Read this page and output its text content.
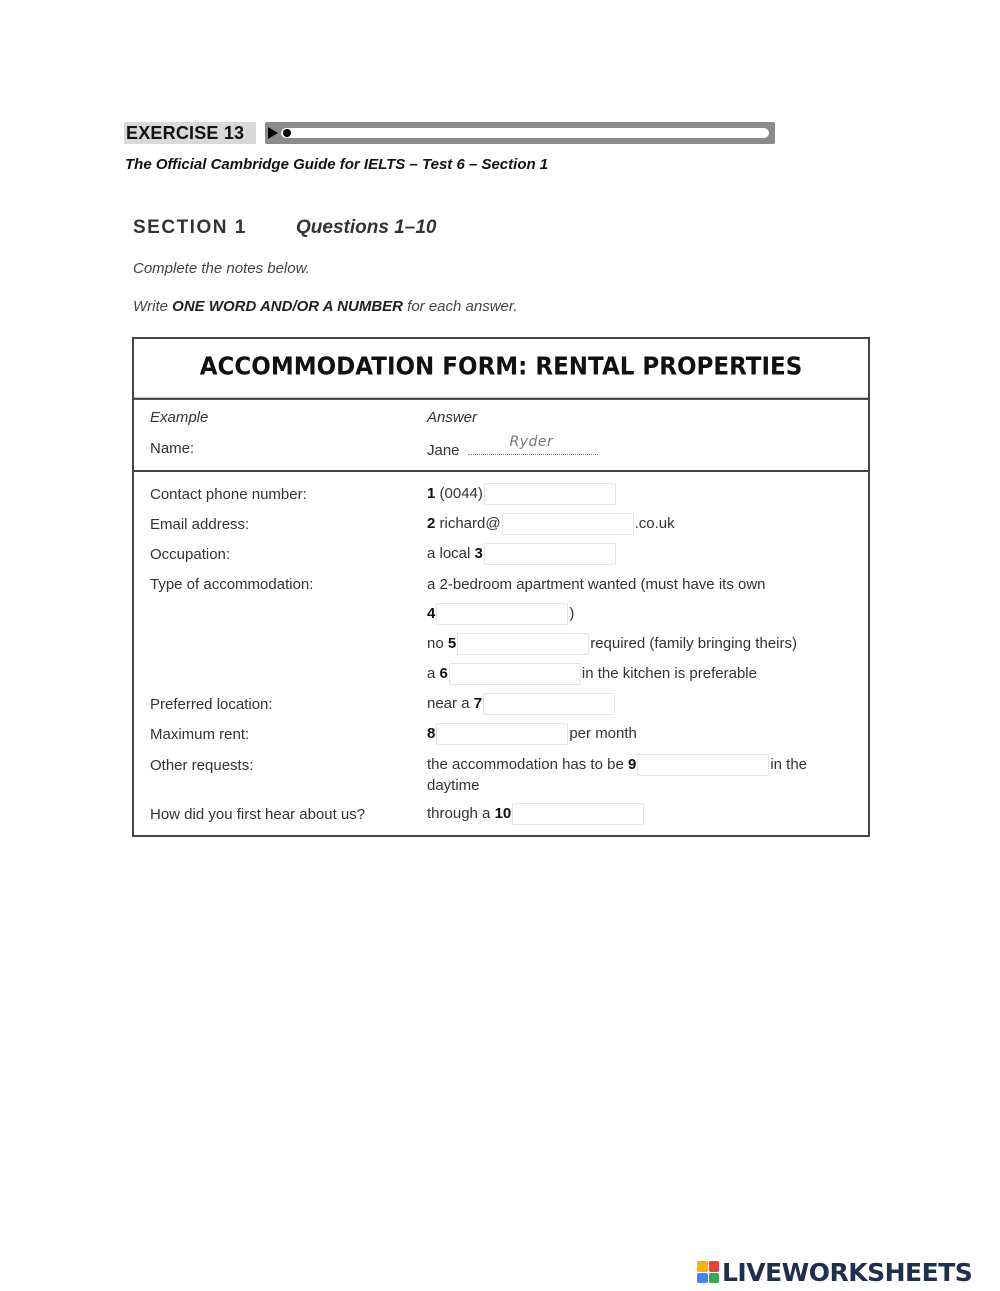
EXERCISE 13
The Official Cambridge Guide for IELTS – Test 6 – Section 1
SECTION 1	Questions 1–10
Complete the notes below.
Write ONE WORD AND/OR A NUMBER for each answer.
ACCOMMODATION FORM: RENTAL PROPERTIES
Example	Answer
Name:	Jane	Ryder
Contact phone number:	1 (0044)
Email address:	2 richard@	.co.uk
Occupation:	a local 3
Type of accommodation:	a 2-bedroom apartment wanted (must have its own
4	)
no 5	required (family bringing theirs)
a 6	in the kitchen is preferable
Preferred location:	near a 7
Maximum rent:	8	per month
Other requests:	the accommodation has to be 9	in the
daytime
How did you first hear about us?	through a 10
LIVEWORKSHEETS
